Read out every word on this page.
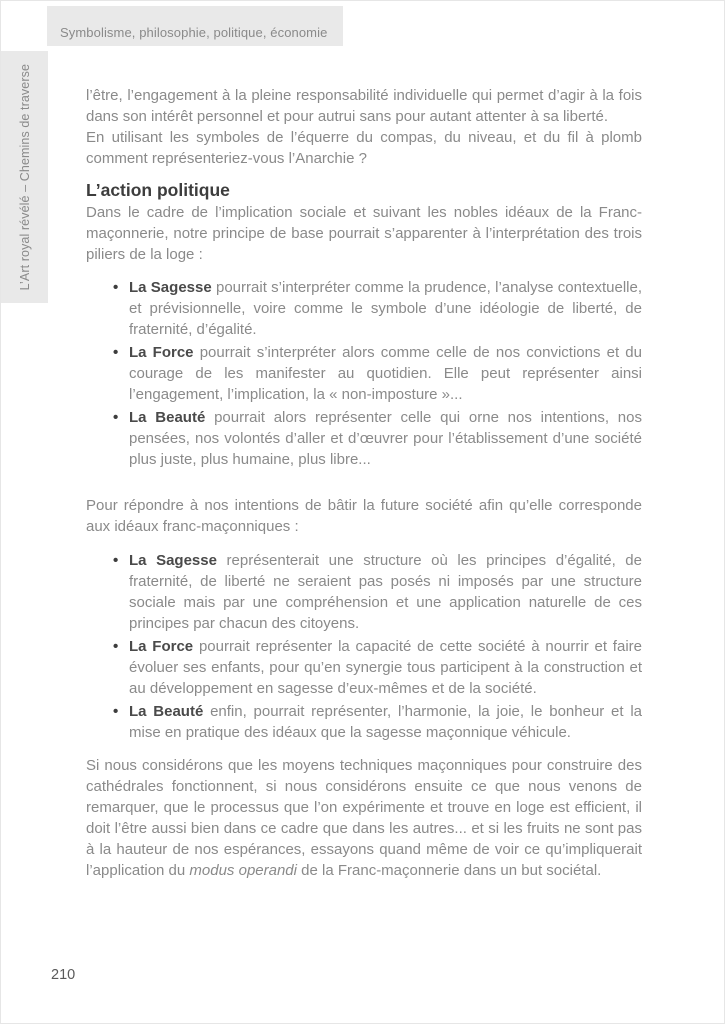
Symbolisme, philosophie, politique, économie
L’Art royal révélé – Chemins de traverse	l’être, l’engagement à la pleine responsabilité individuelle qui permet d’agir à la fois dans son intérêt personnel et pour autrui sans pour autant attenter à sa liberté.

En utilisant les symboles de l’équerre du compas, du niveau, et du fil à plomb comment représenteriez-vous l’Anarchie ?

L’action politique

Dans le cadre de l’implication sociale et suivant les nobles idéaux de la Franc-maçonnerie, notre principe de base pourrait s’apparenter à l’interprétation des trois piliers de la loge :

• La Sagesse pourrait s’interpréter comme la prudence, l’analyse contextuelle, et prévisionnelle, voire comme le symbole d’une idéologie de liberté, de fraternité, d’égalité.
• La Force pourrait s’interpréter alors comme celle de nos convictions et du courage de les manifester au quotidien. Elle peut représenter ainsi l’engagement, l’implication, la « non-imposture »...
• La Beauté pourrait alors représenter celle qui orne nos intentions, nos pensées, nos volontés d’aller et d’œuvrer pour l’établissement d’une société plus juste, plus humaine, plus libre...

Pour répondre à nos intentions de bâtir la future société afin qu’elle corresponde aux idéaux franc-maçonniques :

• La Sagesse représenterait une structure où les principes d’égalité, de fraternité, de liberté ne seraient pas posés ni imposés par une structure sociale mais par une compréhension et une application naturelle de ces principes par chacun des citoyens.
• La Force pourrait représenter la capacité de cette société à nourrir et faire évoluer ses enfants, pour qu’en synergie tous participent à la construction et au développement en sagesse d’eux-mêmes et de la société.
• La Beauté enfin, pourrait représenter, l’harmonie, la joie, le bonheur et la mise en pratique des idéaux que la sagesse maçonnique véhicule.

Si nous considérons que les moyens techniques maçonniques pour construire des cathédrales fonctionnent, si nous considérons ensuite ce que nous venons de remarquer, que le processus que l’on expérimente et trouve en loge est efficient, il doit l’être aussi bien dans ce cadre que dans les autres... et si les fruits ne sont pas à la hauteur de nos espérances, essayons quand même de voir ce qu’impliquerait l’application du modus operandi de la Franc-maçonnerie dans un but sociétal.

210
